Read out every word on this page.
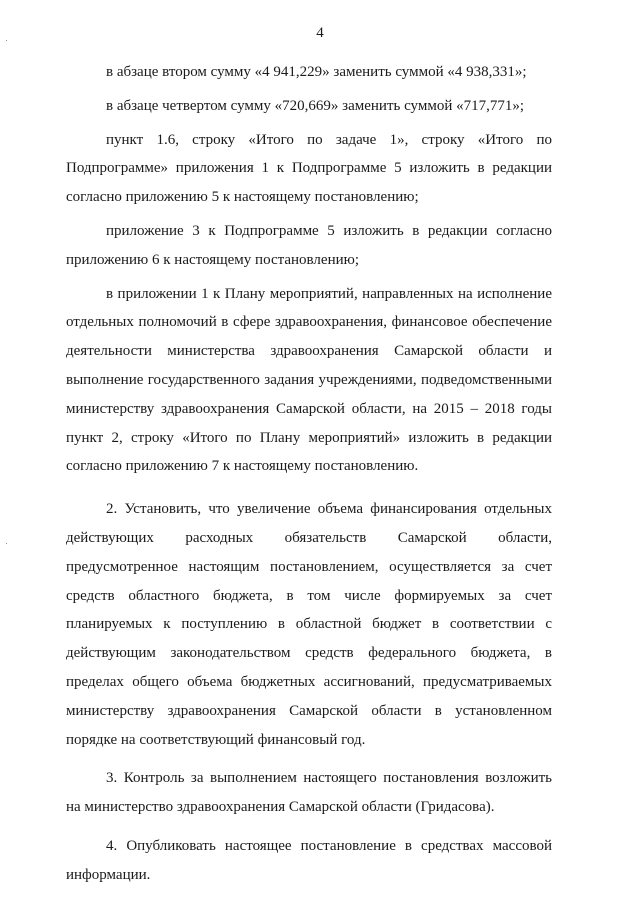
4

в абзаце втором сумму «4 941,229» заменить суммой «4 938,331»;

в абзаце четвертом сумму «720,669» заменить суммой «717,771»;

пункт 1.6, строку «Итого по задаче 1», строку «Итого по Подпрограмме» приложения 1 к Подпрограмме 5 изложить в редакции согласно приложению 5 к настоящему постановлению;

приложение 3 к Подпрограмме 5 изложить в редакции согласно приложению 6 к настоящему постановлению;

в приложении 1 к Плану мероприятий, направленных на исполнение отдельных полномочий в сфере здравоохранения, финансовое обеспечение деятельности министерства здравоохранения Самарской области и выполнение государственного задания учреждениями, подведомственными министерству здравоохранения Самарской области, на 2015 – 2018 годы пункт 2, строку «Итого по Плану мероприятий» изложить в редакции согласно приложению 7 к настоящему постановлению.

2. Установить, что увеличение объема финансирования отдельных действующих расходных обязательств Самарской области, предусмотренное настоящим постановлением, осуществляется за счет средств областного бюджета, в том числе формируемых за счет планируемых к поступлению в областной бюджет в соответствии с действующим законодательством средств федерального бюджета, в пределах общего объема бюджетных ассигнований, предусматриваемых министерству здравоохранения Самарской области в установленном порядке на соответствующий финансовый год.

3. Контроль за выполнением настоящего постановления возложить на министерство здравоохранения Самарской области (Гридасова).

4. Опубликовать настоящее постановление в средствах массовой информации.
